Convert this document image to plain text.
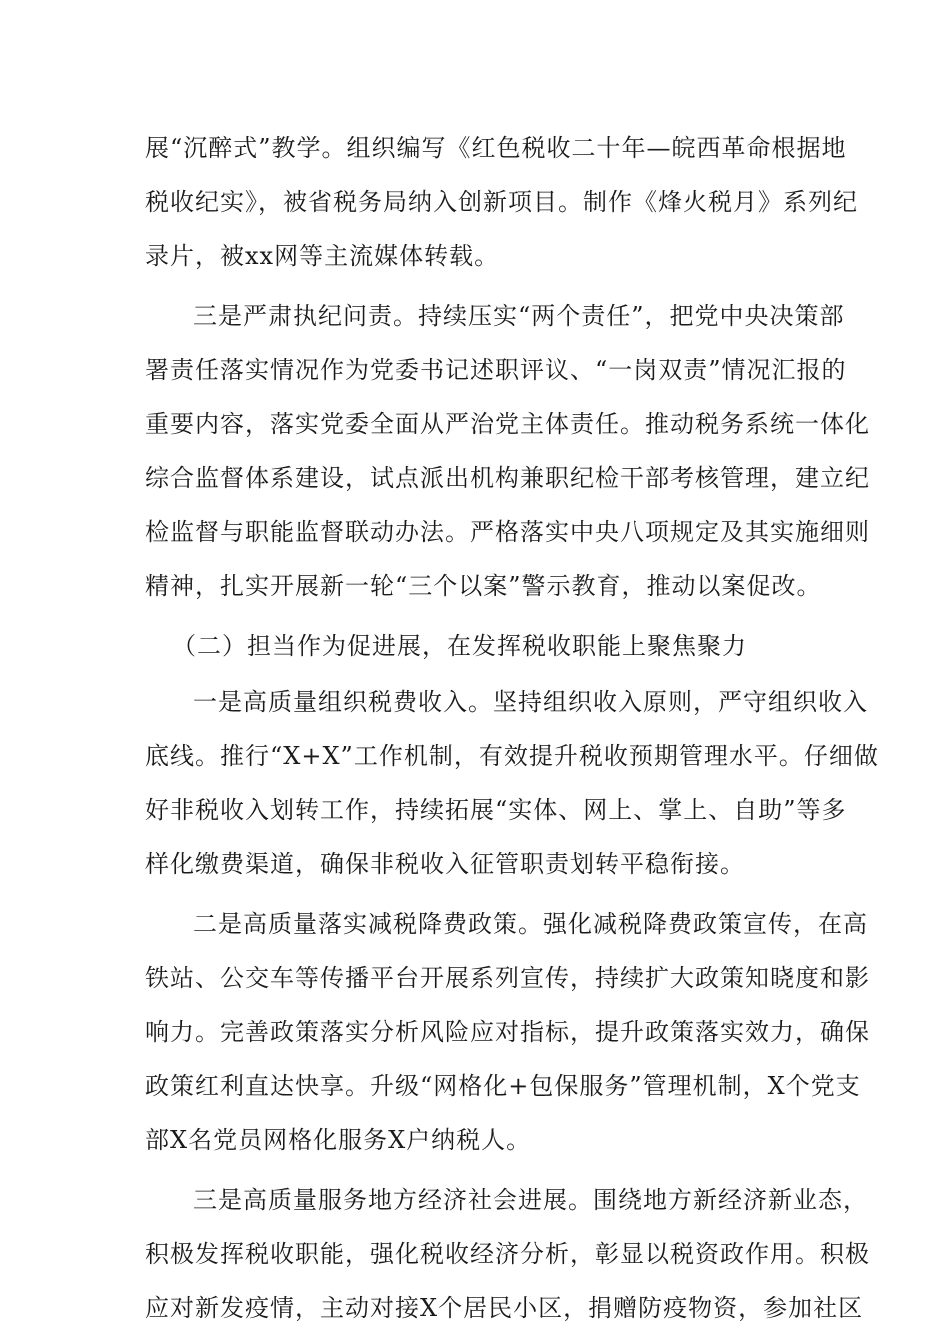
展“沉醉式”教学。组织编写《红色税收二十年—皖西革命根据地
税收纪实》，被省税务局纳入创新项目。制作《烽火税月》系列纪
录片，被xx网等主流媒体转载。
三是严肃执纪问责。持续压实“两个责任”，把党中央决策部
署责任落实情况作为党委书记述职评议、“一岗双责”情况汇报的
重要内容，落实党委全面从严治党主体责任。推动税务系统一体化
综合监督体系建设，试点派出机构兼职纪检干部考核管理，建立纪
检监督与职能监督联动办法。严格落实中央八项规定及其实施细则
精神，扎实开展新一轮“三个以案”警示教育，推动以案促改。
（二）担当作为促进展，在发挥税收职能上聚焦聚力
一是高质量组织税费收入。坚持组织收入原则，严守组织收入
底线。推行“X+X”工作机制，有效提升税收预期管理水平。仔细做
好非税收入划转工作，持续拓展“实体、网上、掌上、自助”等多
样化缴费渠道，确保非税收入征管职责划转平稳衔接。
二是高质量落实减税降费政策。强化减税降费政策宣传，在高
铁站、公交车等传播平台开展系列宣传，持续扩大政策知晓度和影
响力。完善政策落实分析风险应对指标，提升政策落实效力，确保
政策红利直达快享。升级“网格化+包保服务”管理机制，X个党支
部X名党员网格化服务X户纳税人。
三是高质量服务地方经济社会进展。围绕地方新经济新业态，
积极发挥税收职能，强化税收经济分析，彰显以税资政作用。积极
应对新发疫情，主动对接X个居民小区，捐赠防疫物资，参加社区
